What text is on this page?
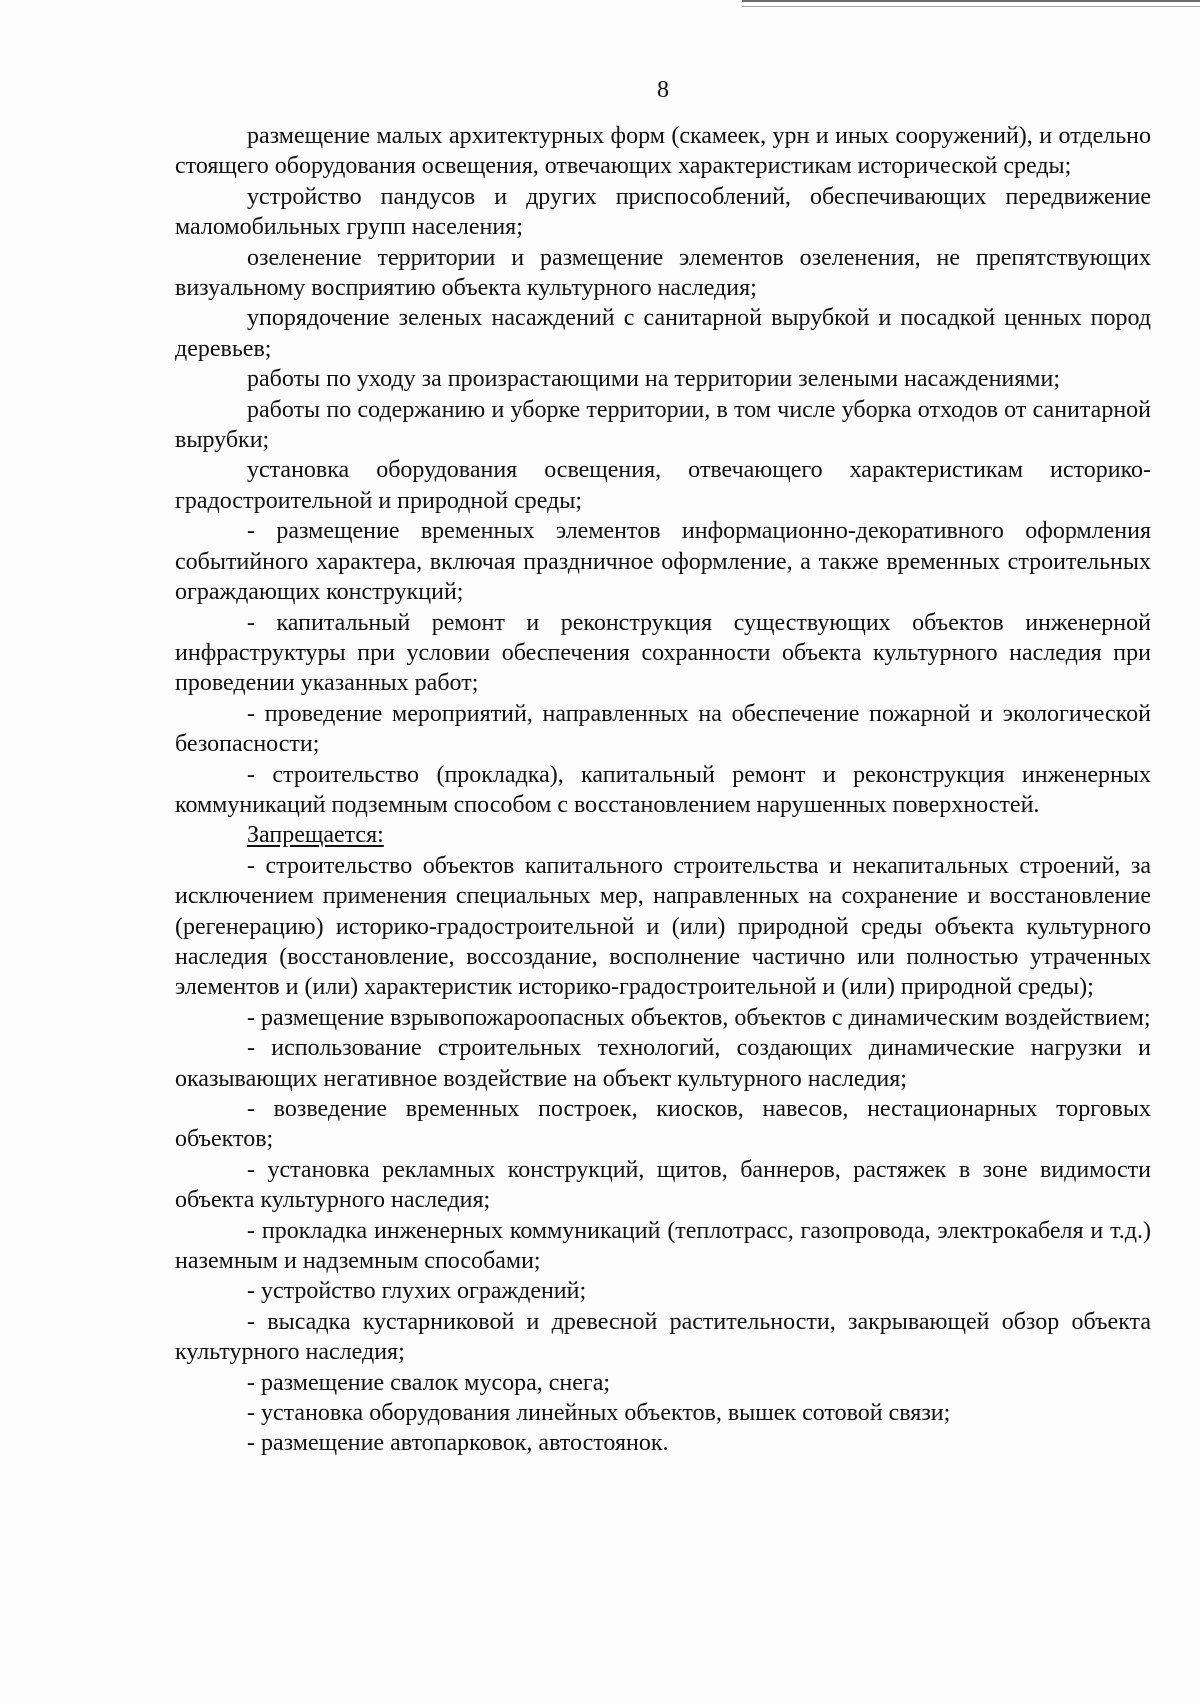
8

размещение малых архитектурных форм (скамеек, урн и иных сооружений), и отдельно стоящего оборудования освещения, отвечающих характеристикам исторической среды;

устройство пандусов и других приспособлений, обеспечивающих передвижение маломобильных групп населения;

озеленение территории и размещение элементов озеленения, не препятствующих визуальному восприятию объекта культурного наследия;

упорядочение зеленых насаждений с санитарной вырубкой и посадкой ценных пород деревьев;

работы по уходу за произрастающими на территории зелеными насаждениями;

работы по содержанию и уборке территории, в том числе уборка отходов от санитарной вырубки;

установка оборудования освещения, отвечающего характеристикам историко-градостроительной и природной среды;

- размещение временных элементов информационно-декоративного оформления событийного характера, включая праздничное оформление, а также временных строительных ограждающих конструкций;

- капитальный ремонт и реконструкция существующих объектов инженерной инфраструктуры при условии обеспечения сохранности объекта культурного наследия при проведении указанных работ;

- проведение мероприятий, направленных на обеспечение пожарной и экологической безопасности;

- строительство (прокладка), капитальный ремонт и реконструкция инженерных коммуникаций подземным способом с восстановлением нарушенных поверхностей.

Запрещается:

- строительство объектов капитального строительства и некапитальных строений, за исключением применения специальных мер, направленных на сохранение и восстановление (регенерацию) историко-градостроительной и (или) природной среды объекта культурного наследия (восстановление, воссоздание, восполнение частично или полностью утраченных элементов и (или) характеристик историко-градостроительной и (или) природной среды);

- размещение взрывопожароопасных объектов, объектов с динамическим воздействием;

- использование строительных технологий, создающих динамические нагрузки и оказывающих негативное воздействие на объект культурного наследия;

- возведение временных построек, киосков, навесов, нестационарных торговых объектов;

- установка рекламных конструкций, щитов, баннеров, растяжек в зоне видимости объекта культурного наследия;

- прокладка инженерных коммуникаций (теплотрасс, газопровода, электрокабеля и т.д.) наземным и надземным способами;

- устройство глухих ограждений;

- высадка кустарниковой и древесной растительности, закрывающей обзор объекта культурного наследия;

- размещение свалок мусора, снега;

- установка оборудования линейных объектов, вышек сотовой связи;

- размещение автопарковок, автостоянок.
